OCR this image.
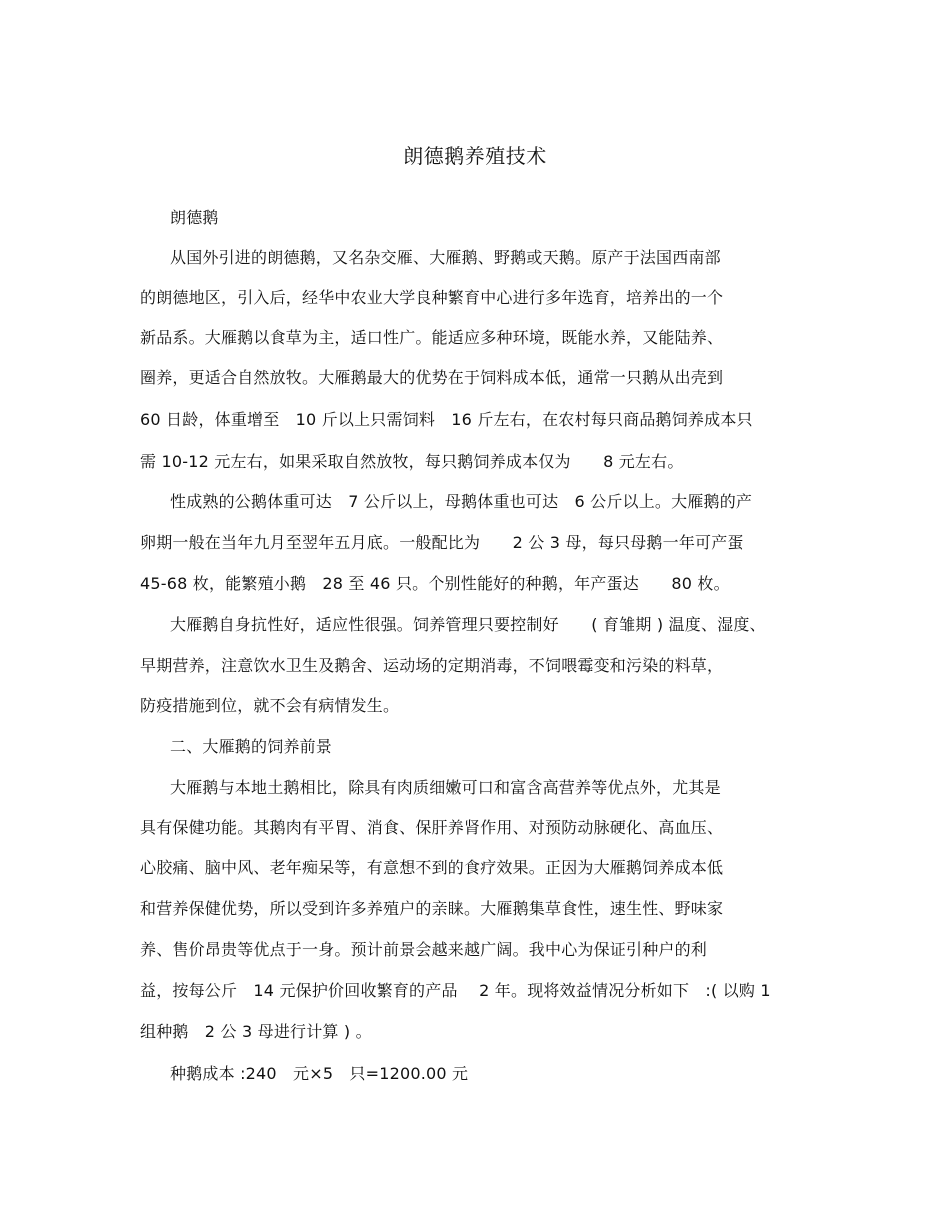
朗德鹅养殖技术
朗德鹅
从国外引进的朗德鹅，又名杂交雁、大雁鹅、野鹅或天鹅。原产于法国西南部
的朗德地区，引入后，经华中农业大学良种繁育中心进行多年选育，培养出的一个
新品系。大雁鹅以食草为主，适口性广。能适应多种环境，既能水养，又能陆养、
圈养，更适合自然放牧。大雁鹅最大的优势在于饲料成本低，通常一只鹅从出壳到
60 日龄，体重增至　10 斤以上只需饲料　16 斤左右，在农村每只商品鹅饲养成本只
需 10-12 元左右，如果采取自然放牧，每只鹅饲养成本仅为　　8 元左右。
性成熟的公鹅体重可达　7 公斤以上，母鹅体重也可达　6 公斤以上。大雁鹅的产
卵期一般在当年九月至翌年五月底。一般配比为　　2 公 3 母，每只母鹅一年可产蛋
45-68 枚，能繁殖小鹅　28 至 46 只。个别性能好的种鹅，年产蛋达　　80 枚。
大雁鹅自身抗性好，适应性很强。饲养管理只要控制好　　( 育雏期 ) 温度、湿度、
早期营养，注意饮水卫生及鹅舍、运动场的定期消毒，不饲喂霉变和污染的料草，
防疫措施到位，就不会有病情发生。
二、大雁鹅的饲养前景
大雁鹅与本地土鹅相比，除具有肉质细嫩可口和富含高营养等优点外，尤其是
具有保健功能。其鹅肉有平胃、消食、保肝养肾作用、对预防动脉硬化、高血压、
心胶痛、脑中风、老年痴呆等，有意想不到的食疗效果。正因为大雁鹅饲养成本低
和营养保健优势，所以受到许多养殖户的亲睐。大雁鹅集草食性，速生性、野味家
养、售价昂贵等优点于一身。预计前景会越来越广阔。我中心为保证引种户的利
益，按每公斤　14 元保护价回收繁育的产品　 2 年。现将效益情况分析如下　:( 以购 1
组种鹅　2 公 3 母进行计算 ) 。
种鹅成本 :240　元×5　只=1200.00 元
